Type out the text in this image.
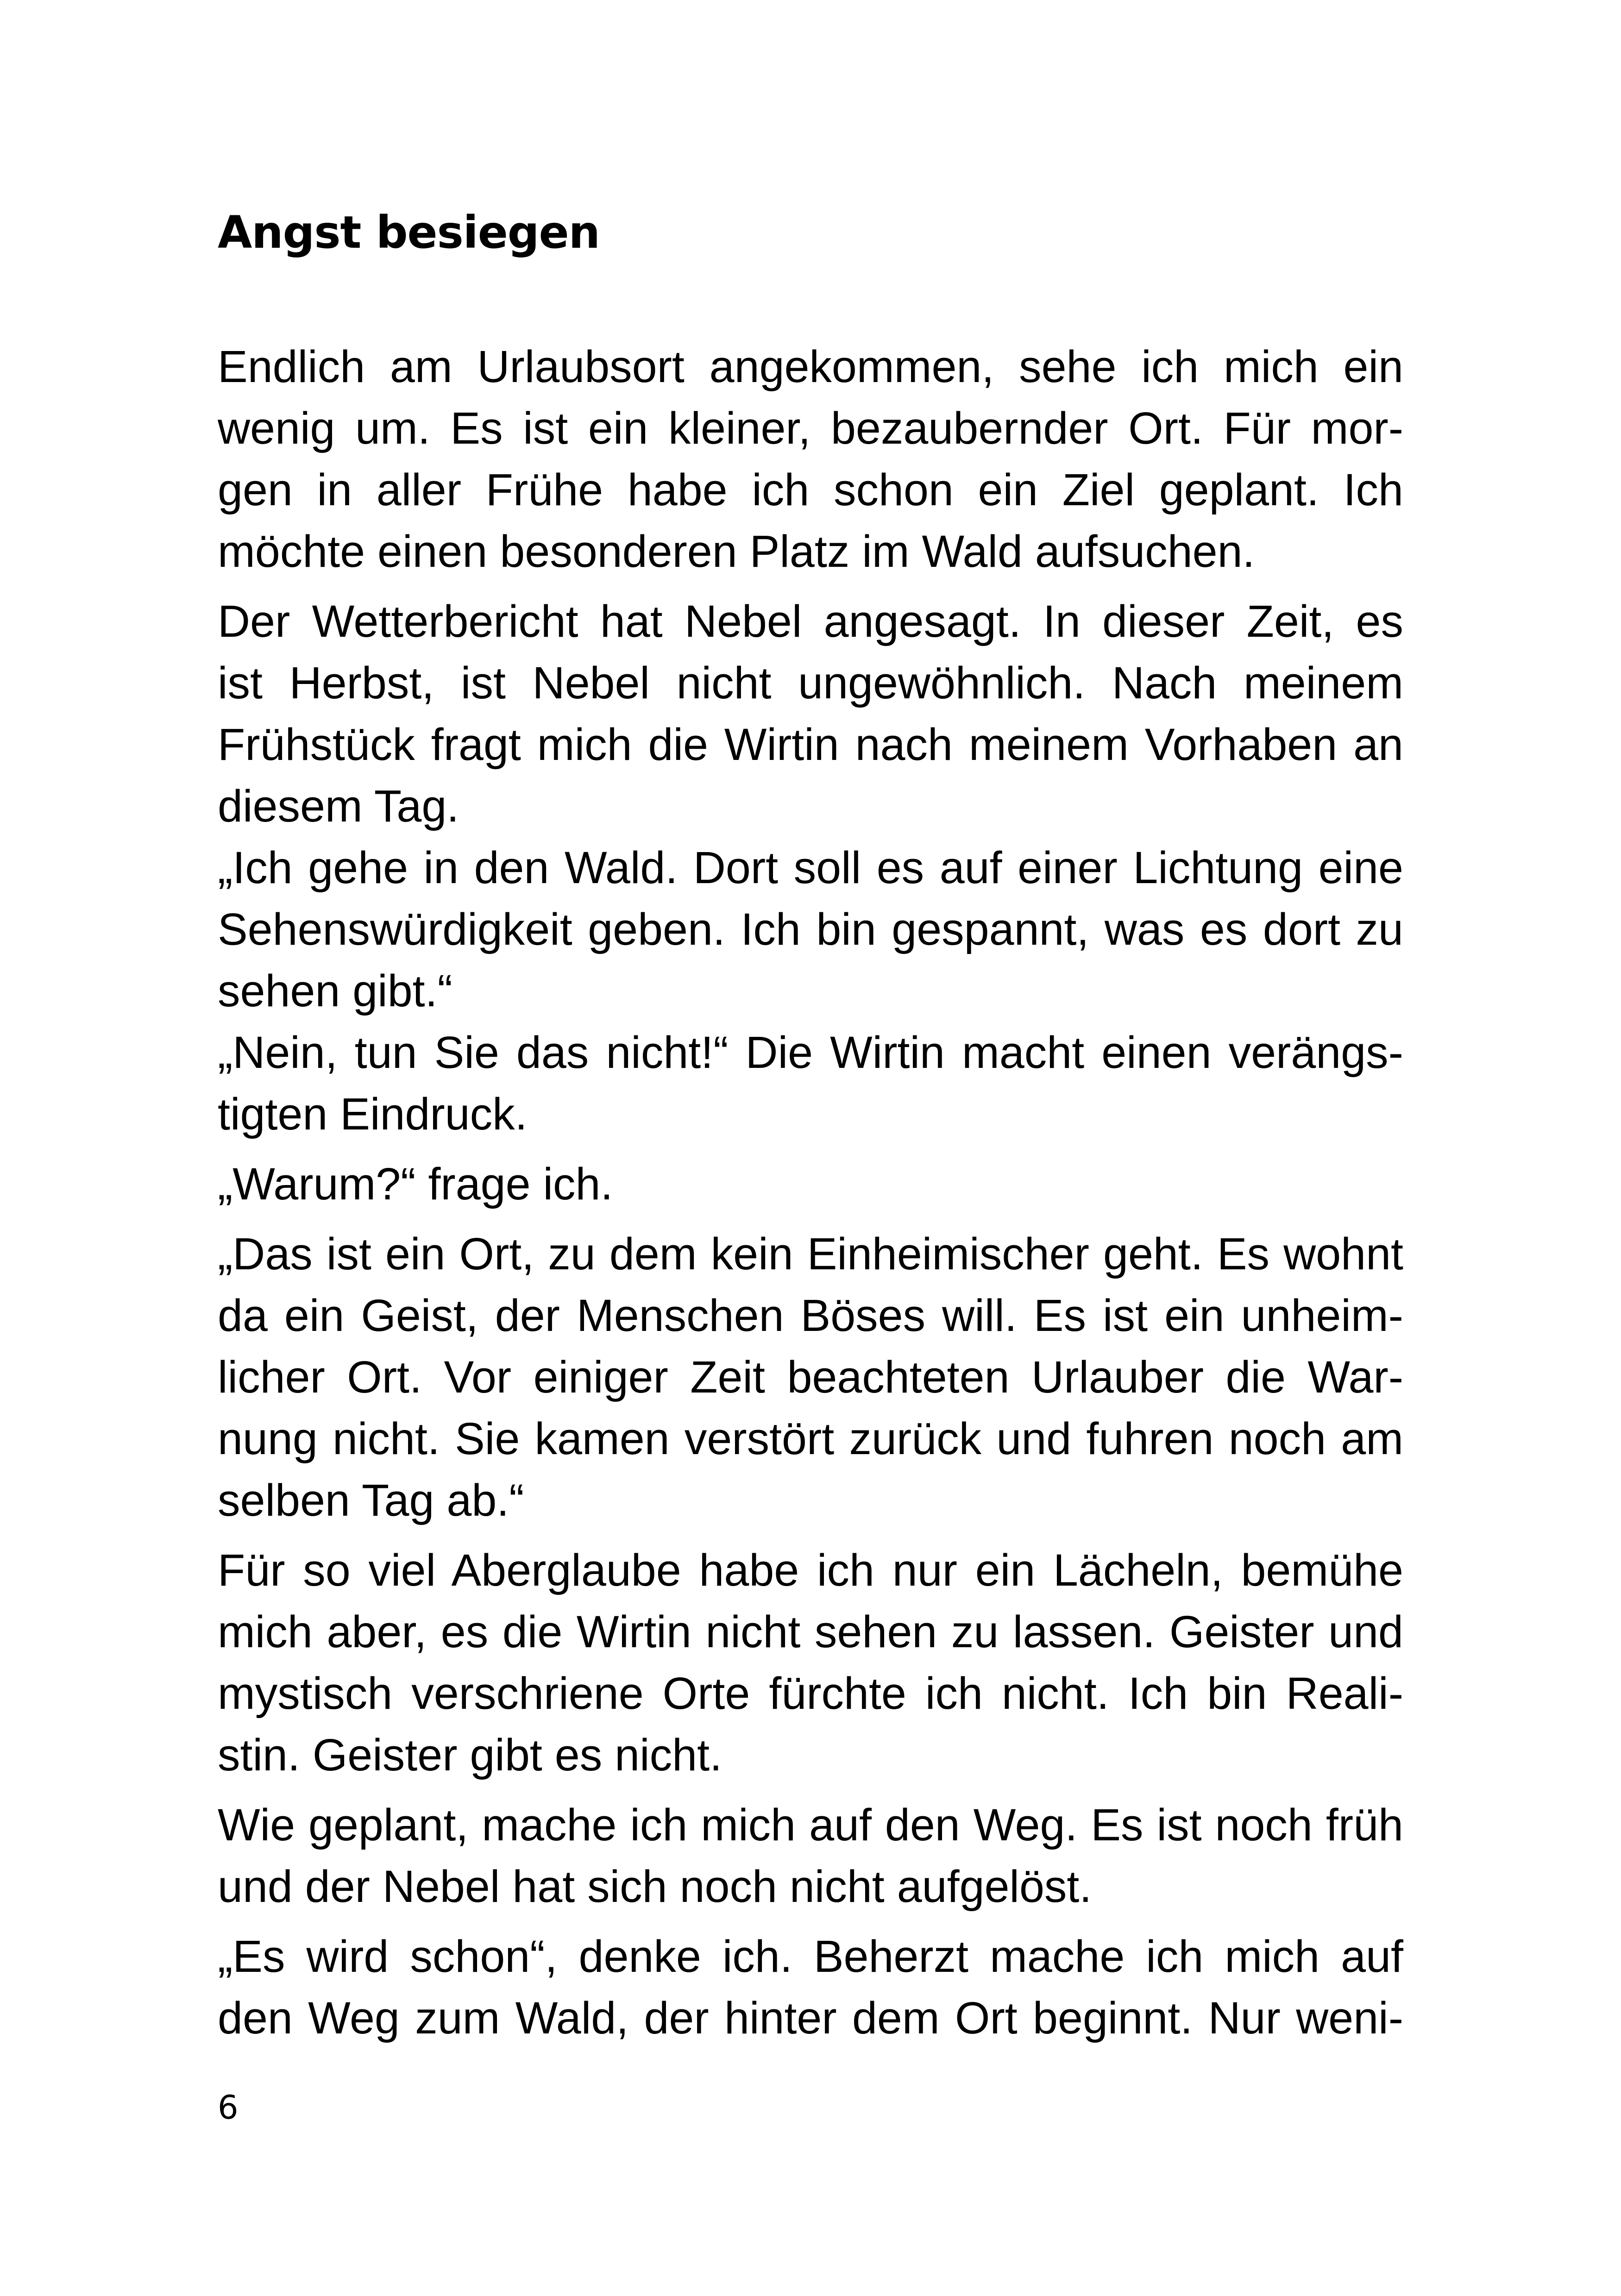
Angst besiegen
Endlich am Urlaubsort angekommen, sehe ich mich ein
wenig um. Es ist ein kleiner, bezaubernder Ort. Für mor-
gen in aller Frühe habe ich schon ein Ziel geplant. Ich
möchte einen besonderen Platz im Wald aufsuchen.
Der Wetterbericht hat Nebel angesagt. In dieser Zeit, es
ist Herbst, ist Nebel nicht ungewöhnlich. Nach meinem
Frühstück fragt mich die Wirtin nach meinem Vorhaben an
diesem Tag.
„Ich gehe in den Wald. Dort soll es auf einer Lichtung eine
Sehenswürdigkeit geben. Ich bin gespannt, was es dort zu
sehen gibt.“
„Nein, tun Sie das nicht!“ Die Wirtin macht einen verängs-
tigten Eindruck.
„Warum?“ frage ich.
„Das ist ein Ort, zu dem kein Einheimischer geht. Es wohnt
da ein Geist, der Menschen Böses will. Es ist ein unheim-
licher Ort. Vor einiger Zeit beachteten Urlauber die War-
nung nicht. Sie kamen verstört zurück und fuhren noch am
selben Tag ab.“
Für so viel Aberglaube habe ich nur ein Lächeln, bemühe
mich aber, es die Wirtin nicht sehen zu lassen. Geister und
mystisch verschriene Orte fürchte ich nicht. Ich bin Reali-
stin. Geister gibt es nicht.
Wie geplant, mache ich mich auf den Weg. Es ist noch früh
und der Nebel hat sich noch nicht aufgelöst.
„Es wird schon“, denke ich. Beherzt mache ich mich auf
den Weg zum Wald, der hinter dem Ort beginnt. Nur weni-
6
